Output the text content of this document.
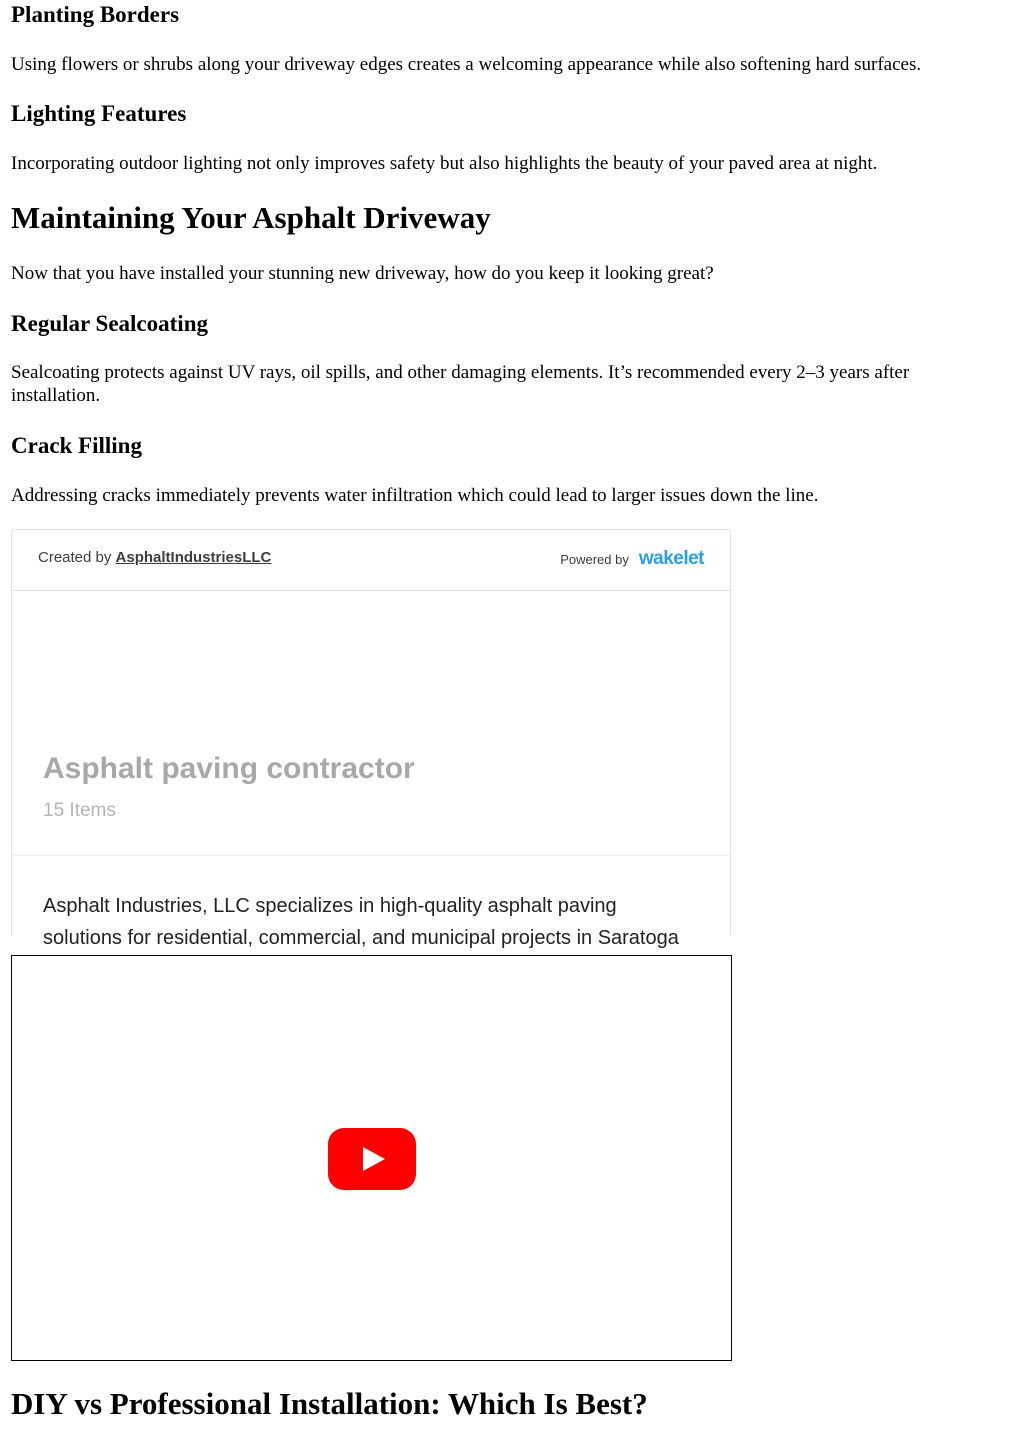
Planting Borders

Using flowers or shrubs along your driveway edges creates a welcoming appearance while also softening hard surfaces.

Lighting Features

Incorporating outdoor lighting not only improves safety but also highlights the beauty of your paved area at night.

Maintaining Your Asphalt Driveway

Now that you have installed your stunning new driveway, how do you keep it looking great?

Regular Sealcoating

Sealcoating protects against UV rays, oil spills, and other damaging elements. It’s recommended every 2–3 years after installation.

Crack Filling

Addressing cracks immediately prevents water infiltration which could lead to larger issues down the line.

Created by AsphaltIndustriesLLC	Powered by wakelet
Asphalt paving contractor
15 Items
Asphalt Industries, LLC specializes in high-quality asphalt paving solutions for residential, commercial, and municipal projects in Saratoga
DIY vs Professional Installation: Which Is Best?
